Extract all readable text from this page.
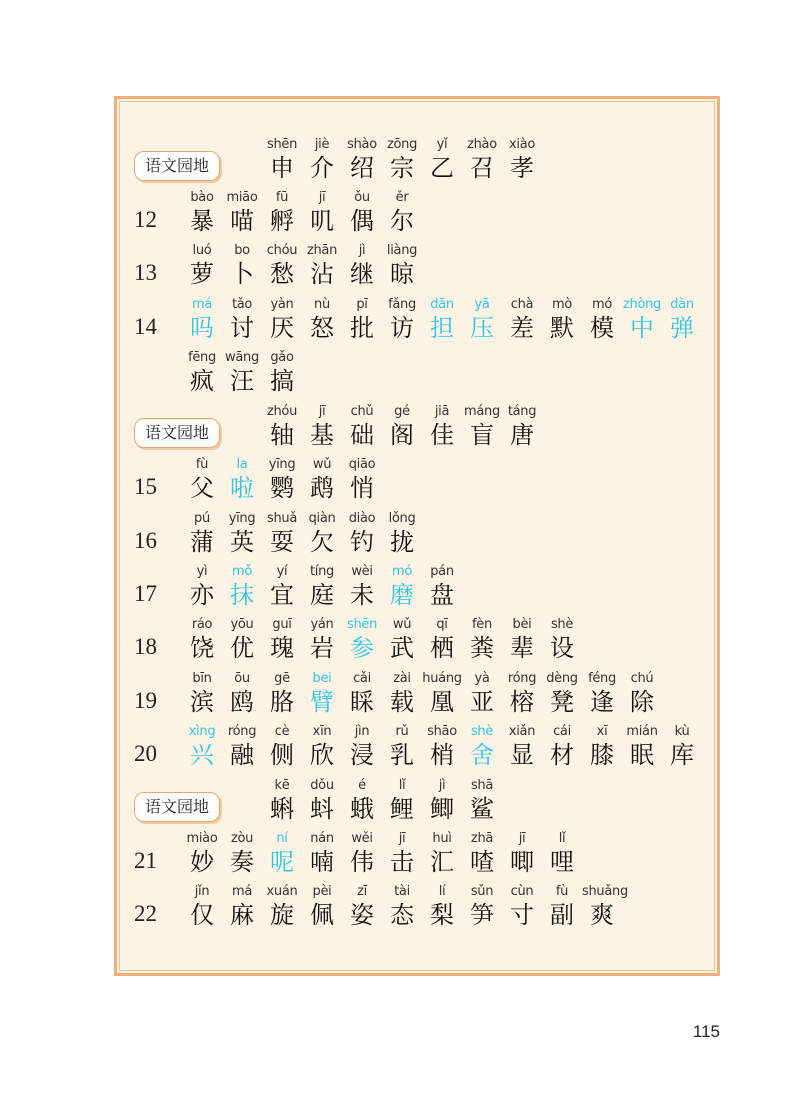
语文园地
shēn
申
jiè
介
shào
绍
zōng
宗
yǐ
乙
zhào
召
xiào
孝
12
bào
暴
miāo
喵
fū
孵
jī
叽
ǒu
偶
ěr
尔
13
luó
萝
bo
卜
chóu
愁
zhān
沾
jì
继
liàng
晾
14
má
吗
tǎo
讨
yàn
厌
nù
怒
pī
批
fǎng
访
dān
担
yā
压
chà
差
mò
默
mó
模
zhòng
中
dàn
弹
fēng
疯
wāng
汪
gǎo
搞
语文园地
zhóu
轴
jī
基
chǔ
础
gé
阁
jiā
佳
máng
盲
táng
唐
15
fù
父
la
啦
yīng
鹦
wǔ
鹉
qiāo
悄
16
pú
蒲
yīng
英
shuǎ
耍
qiàn
欠
diào
钓
lǒng
拢
17
yì
亦
mǒ
抹
yí
宜
tíng
庭
wèi
未
mó
磨
pán
盘
18
ráo
饶
yōu
优
guī
瑰
yán
岩
shēn
参
wǔ
武
qī
栖
fèn
粪
bèi
辈
shè
设
19
bīn
滨
ōu
鸥
gē
胳
bei
臂
cǎi
睬
zài
载
huáng
凰
yà
亚
róng
榕
dèng
凳
féng
逢
chú
除
20
xìng
兴
róng
融
cè
侧
xīn
欣
jìn
浸
rǔ
乳
shāo
梢
shè
舍
xiǎn
显
cái
材
xī
膝
mián
眠
kù
库
语文园地
kē
蝌
dǒu
蚪
é
蛾
lǐ
鲤
jì
鲫
shā
鲨
21
miào
妙
zòu
奏
ní
呢
nán
喃
wěi
伟
jī
击
huì
汇
zhā
喳
jī
唧
lǐ
哩
22
jǐn
仅
má
麻
xuán
旋
pèi
佩
zī
姿
tài
态
lí
梨
sǔn
笋
cùn
寸
fù
副
shuǎng
爽
115
